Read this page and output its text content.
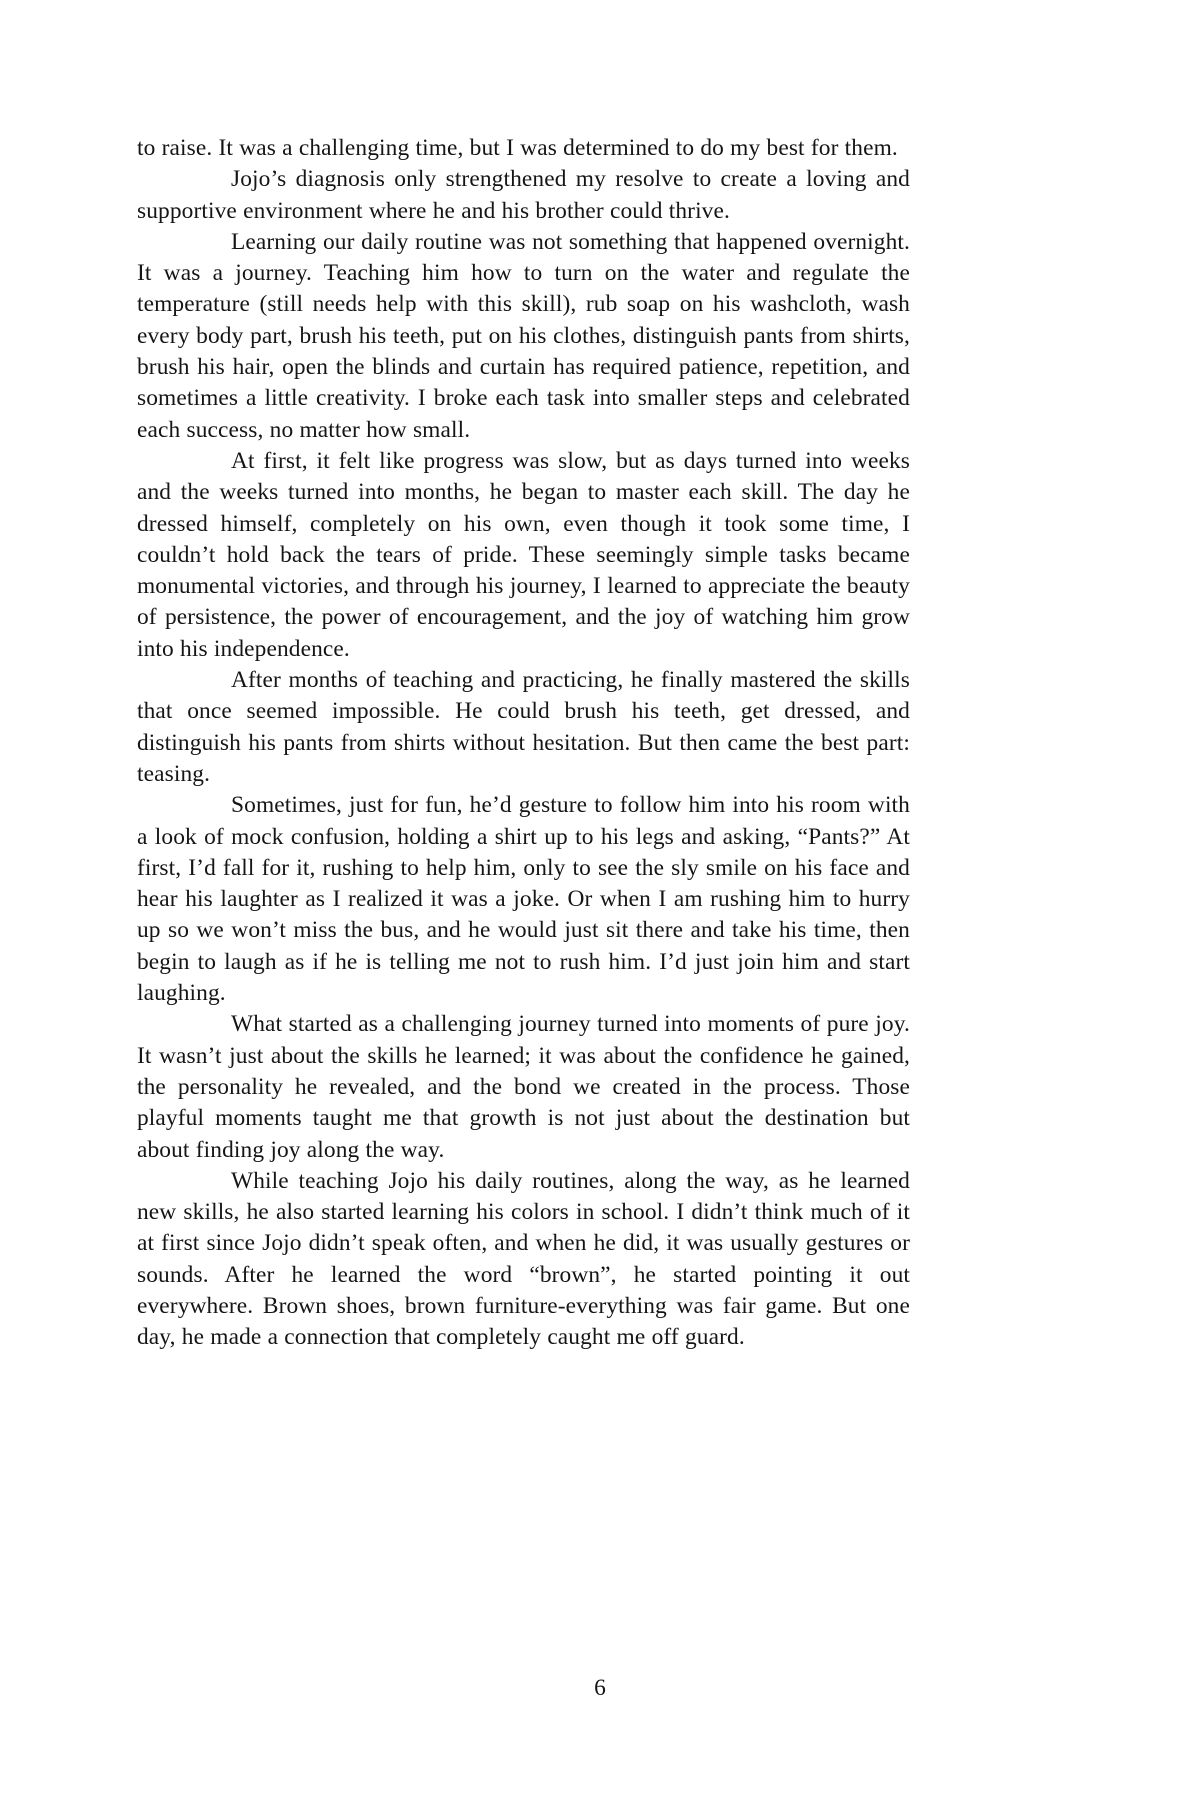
to raise. It was a challenging time, but I was determined to do my best for them.

Jojo’s diagnosis only strengthened my resolve to create a loving and supportive environment where he and his brother could thrive.

Learning our daily routine was not something that happened overnight. It was a journey. Teaching him how to turn on the water and regulate the temperature (still needs help with this skill), rub soap on his washcloth, wash every body part, brush his teeth, put on his clothes, distinguish pants from shirts, brush his hair, open the blinds and curtain has required patience, repetition, and sometimes a little creativity. I broke each task into smaller steps and celebrated each success, no matter how small.

At first, it felt like progress was slow, but as days turned into weeks and the weeks turned into months, he began to master each skill. The day he dressed himself, completely on his own, even though it took some time, I couldn’t hold back the tears of pride. These seemingly simple tasks became monumental victories, and through his journey, I learned to appreciate the beauty of persistence, the power of encouragement, and the joy of watching him grow into his independence.

After months of teaching and practicing, he finally mastered the skills that once seemed impossible. He could brush his teeth, get dressed, and distinguish his pants from shirts without hesitation. But then came the best part: teasing.

Sometimes, just for fun, he’d gesture to follow him into his room with a look of mock confusion, holding a shirt up to his legs and asking, “Pants?” At first, I’d fall for it, rushing to help him, only to see the sly smile on his face and hear his laughter as I realized it was a joke. Or when I am rushing him to hurry up so we won’t miss the bus, and he would just sit there and take his time, then begin to laugh as if he is telling me not to rush him. I’d just join him and start laughing.

What started as a challenging journey turned into moments of pure joy. It wasn’t just about the skills he learned; it was about the confidence he gained, the personality he revealed, and the bond we created in the process. Those playful moments taught me that growth is not just about the destination but about finding joy along the way.

While teaching Jojo his daily routines, along the way, as he learned new skills, he also started learning his colors in school. I didn’t think much of it at first since Jojo didn’t speak often, and when he did, it was usually gestures or sounds. After he learned the word “brown”, he started pointing it out everywhere. Brown shoes, brown furniture-everything was fair game. But one day, he made a connection that completely caught me off guard.

6
